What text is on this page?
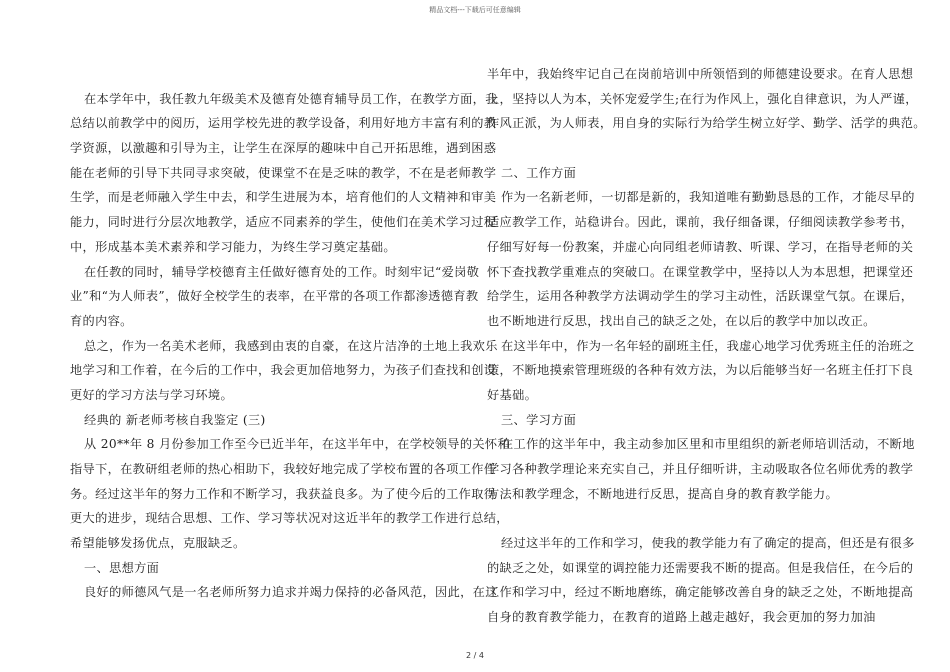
精品文档---下载后可任意编辑
在本学年中，我任教九年级美术及德育处德育辅导员工作，在教学方面，我
总结以前教学中的阅历，运用学校先进的教学设备，利用好地方丰富有利的教
学资源，以激趣和引导为主，让学生在深厚的趣味中自己开拓思维，遇到困惑
能在老师的引导下共同寻求突破，使课堂不在是乏味的教学，不在是老师教学
生学，而是老师融入学生中去，和学生进展为本，培育他们的人文精神和审美
能力，同时进行分层次地教学，适应不同素养的学生，使他们在美术学习过程
中，形成基本美术素养和学习能力，为终生学习奠定基础。
在任教的同时，辅导学校德育主任做好德育处的工作。时刻牢记“爱岗敬
业”和“为人师表”，做好全校学生的表率，在平常的各项工作都渗透德育教
育的内容。
总之，作为一名美术老师，我感到由衷的自豪，在这片洁净的土地上我欢乐
地学习和工作着，在今后的工作中，我会更加倍地努力，为孩子们查找和创设
更好的学习方法与学习环境。
经典的 新老师考核自我鉴定 (三)
从 20**年 8 月份参加工作至今已近半年，在这半年中，在学校领导的关怀和
指导下，在教研组老师的热心相助下，我较好地完成了学校布置的各项工作任
务。经过这半年的努力工作和不断学习，我获益良多。为了使今后的工作取得
更大的进步，现结合思想、工作、学习等状况对这近半年的教学工作进行总结，
希望能够发扬优点，克服缺乏。
一、思想方面
良好的师德风气是一名老师所努力追求并竭力保持的必备风范，因此，在这
半年中，我始终牢记自己在岗前培训中所领悟到的师德建设要求。在育人思想
上，坚持以人为本，关怀宠爱学生;在行为作风上，强化自律意识，为人严谨，
作风正派，为人师表，用自身的实际行为给学生树立好学、勤学、活学的典范。
二、工作方面
作为一名新老师，一切都是新的，我知道唯有勤勤恳恳的工作，才能尽早的
适应教学工作，站稳讲台。因此，课前，我仔细备课，仔细阅读教学参考书，
仔细写好每一份教案，并虚心向同组老师请教、听课、学习，在指导老师的关
怀下查找教学重难点的突破口。在课堂教学中，坚持以人为本思想，把课堂还
给学生，运用各种教学方法调动学生的学习主动性，活跃课堂气氛。在课后，
也不断地进行反思，找出自己的缺乏之处，在以后的教学中加以改正。
在这半年中，作为一名年轻的副班主任，我虚心地学习优秀班主任的治班之
策，不断地摸索管理班级的各种有效方法，为以后能够当好一名班主任打下良
好基础。
三、学习方面
在工作的这半年中，我主动参加区里和市里组织的新老师培训活动，不断地
学习各种教学理论来充实自己，并且仔细听讲，主动吸取各位名师优秀的教学
方法和教学理念，不断地进行反思，提高自身的教育教学能力。
经过这半年的工作和学习，使我的教学能力有了确定的提高，但还是有很多
的缺乏之处，如课堂的调控能力还需要我不断的提高。但是我信任，在今后的
工作和学习中，经过不断地磨练，确定能够改善自身的缺乏之处，不断地提高
自身的教育教学能力，在教育的道路上越走越好，我会更加的努力加油
2 / 4
